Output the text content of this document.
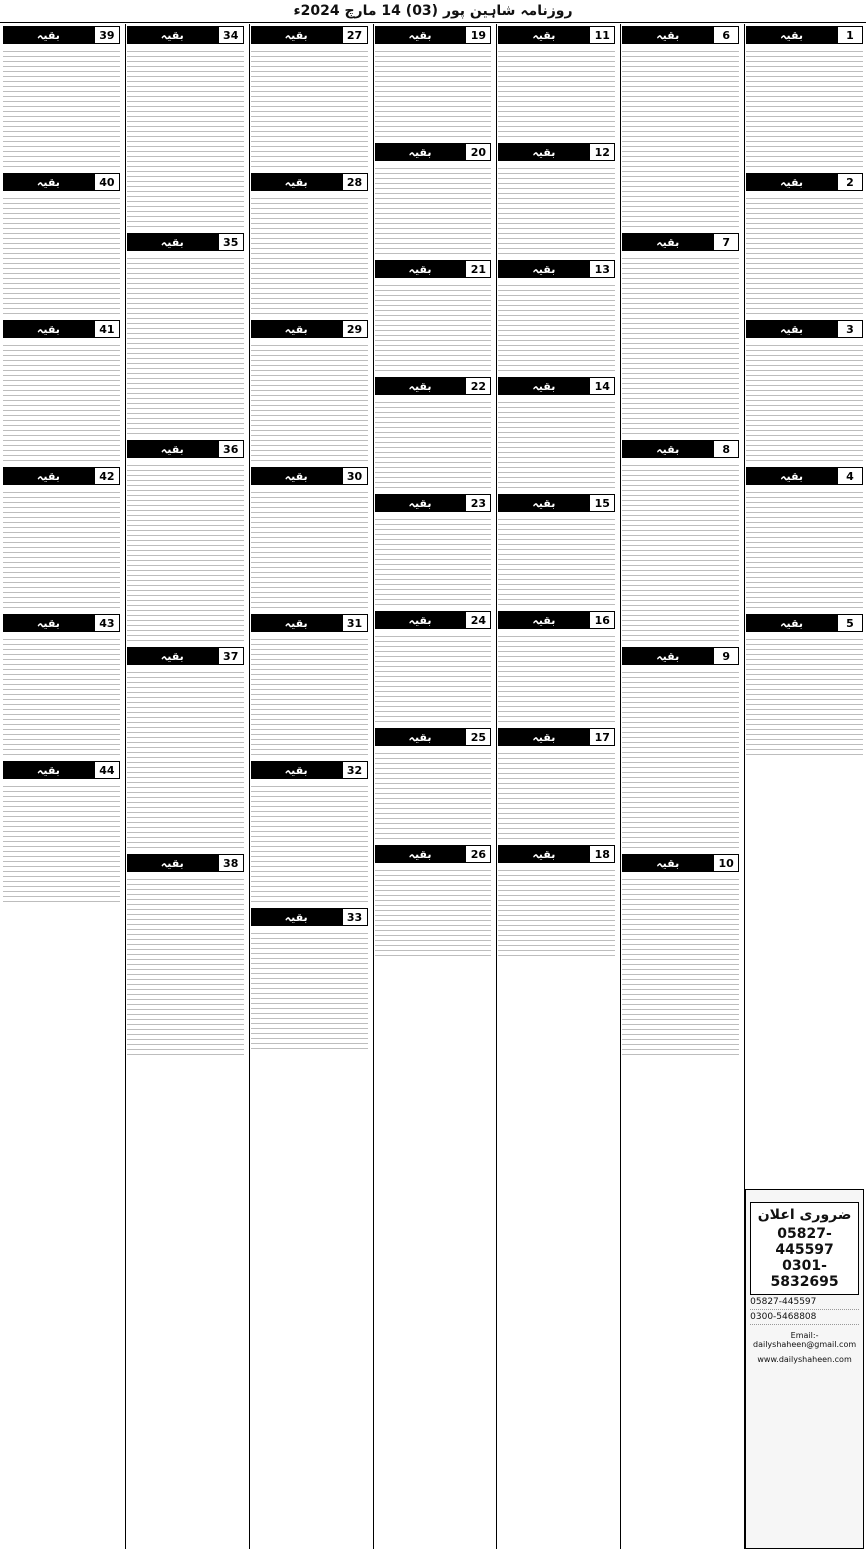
روزنامہ شاہین پور (03) 14 مارچ 2024ء
1
بقیہ
2
بقیہ
3
بقیہ
4
بقیہ
5
بقیہ
ضروری اعلان
05827-445597
0301-5832695
05827-445597
0300-5468808
Email:-dailyshaheen@gmail.com
www.dailyshaheen.com
6
بقیہ
7
بقیہ
8
بقیہ
9
بقیہ
10
بقیہ
11
بقیہ
12
بقیہ
13
بقیہ
14
بقیہ
15
بقیہ
16
بقیہ
17
بقیہ
18
بقیہ
19
بقیہ
20
بقیہ
21
بقیہ
22
بقیہ
23
بقیہ
24
بقیہ
25
بقیہ
26
بقیہ
27
بقیہ
28
بقیہ
29
بقیہ
30
بقیہ
31
بقیہ
32
بقیہ
33
بقیہ
34
بقیہ
35
بقیہ
36
بقیہ
37
بقیہ
38
بقیہ
39
بقیہ
40
بقیہ
41
بقیہ
42
بقیہ
43
بقیہ
44
بقیہ
